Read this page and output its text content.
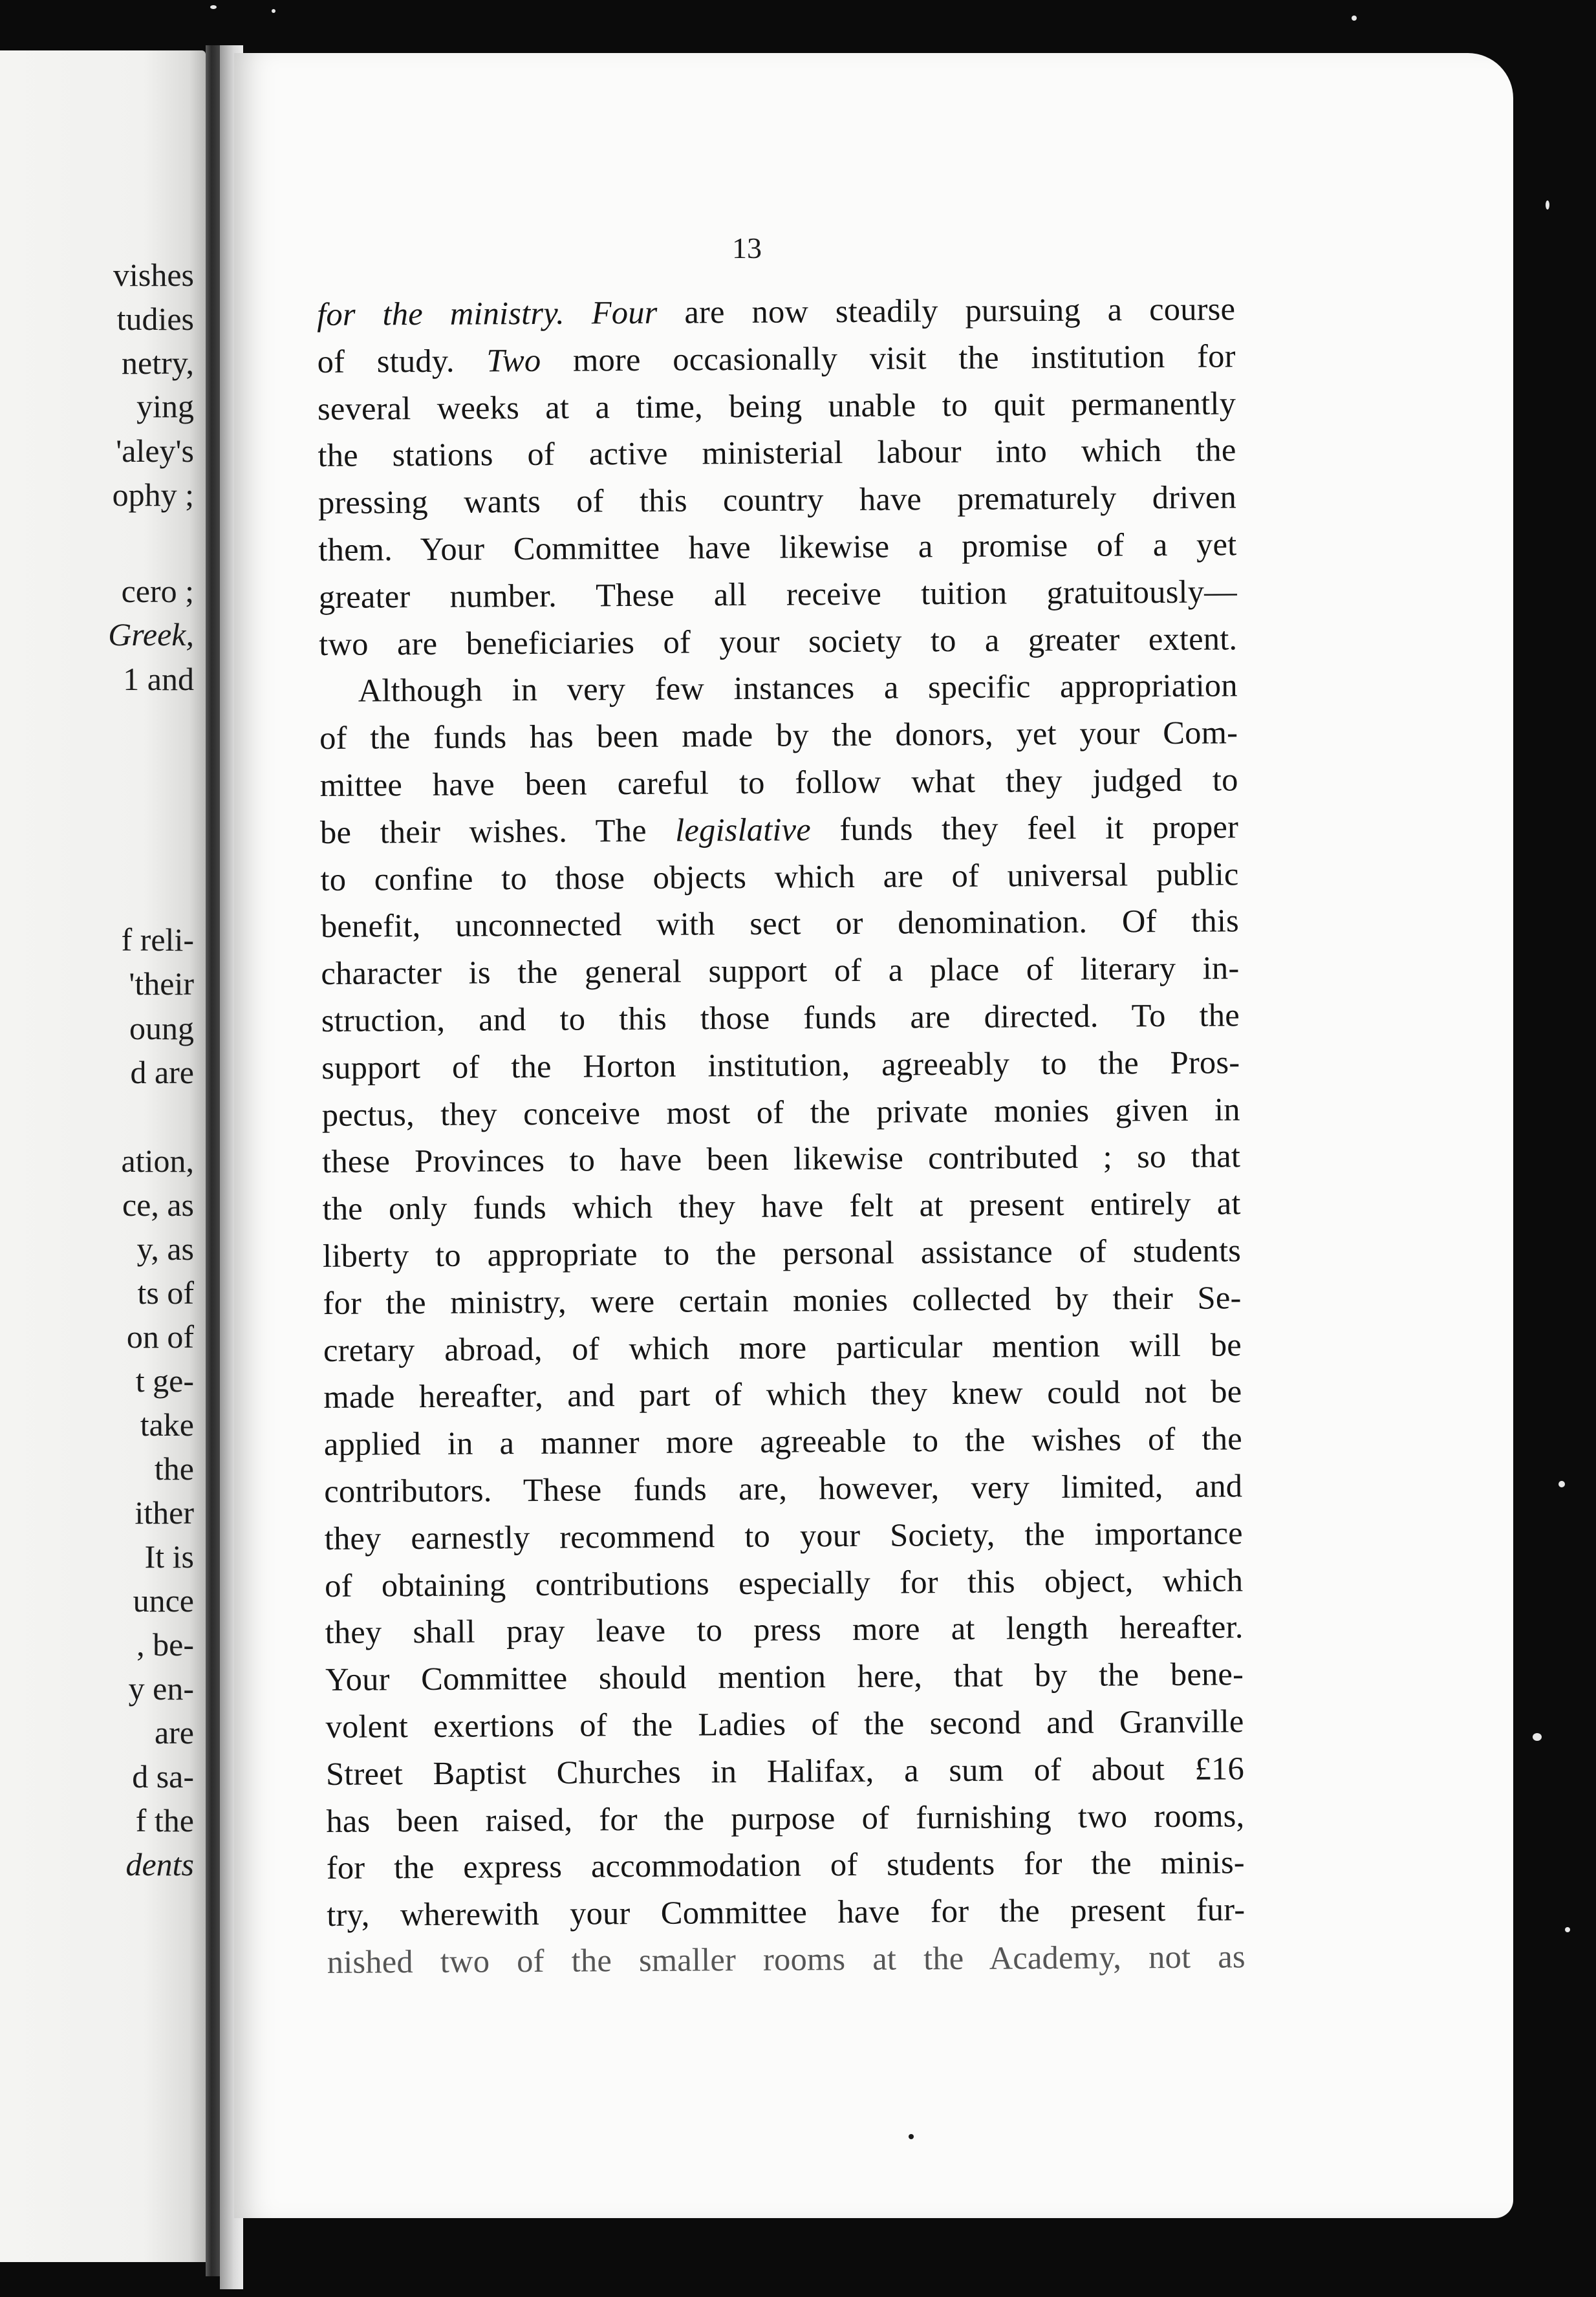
vishes
tudies
netry,
ying
'aley's
ophy ;
cero ;
Greek,
1 and
f reli-
'their
oung
d are
ation,
ce, as
y, as
ts of
on of
t ge-
take
the
ither
It is
unce
, be-
y en-
are
d sa-
f the
dents
13
for the ministry. Four are now steadily pursuing a course
of study. Two more occasionally visit the institution for
several weeks at a time, being unable to quit permanently
the stations of active ministerial labour into which the
pressing wants of this country have prematurely driven
them. Your Committee have likewise a promise of a yet
greater number. These all receive tuition gratuitously—
two are beneficiaries of your society to a greater extent.
Although in very few instances a specific appropriation
of the funds has been made by the donors, yet your Com-
mittee have been careful to follow what they judged to
be their wishes. The legislative funds they feel it proper
to confine to those objects which are of universal public
benefit, unconnected with sect or denomination. Of this
character is the general support of a place of literary in-
struction, and to this those funds are directed. To the
support of the Horton institution, agreeably to the Pros-
pectus, they conceive most of the private monies given in
these Provinces to have been likewise contributed ; so that
the only funds which they have felt at present entirely at
liberty to appropriate to the personal assistance of students
for the ministry, were certain monies collected by their Se-
cretary abroad, of which more particular mention will be
made hereafter, and part of which they knew could not be
applied in a manner more agreeable to the wishes of the
contributors. These funds are, however, very limited, and
they earnestly recommend to your Society, the importance
of obtaining contributions especially for this object, which
they shall pray leave to press more at length hereafter.
Your Committee should mention here, that by the bene-
volent exertions of the Ladies of the second and Granville
Street Baptist Churches in Halifax, a sum of about £16
has been raised, for the purpose of furnishing two rooms,
for the express accommodation of students for the minis-
try, wherewith your Committee have for the present fur-
nished two of the smaller rooms at the Academy, not as
